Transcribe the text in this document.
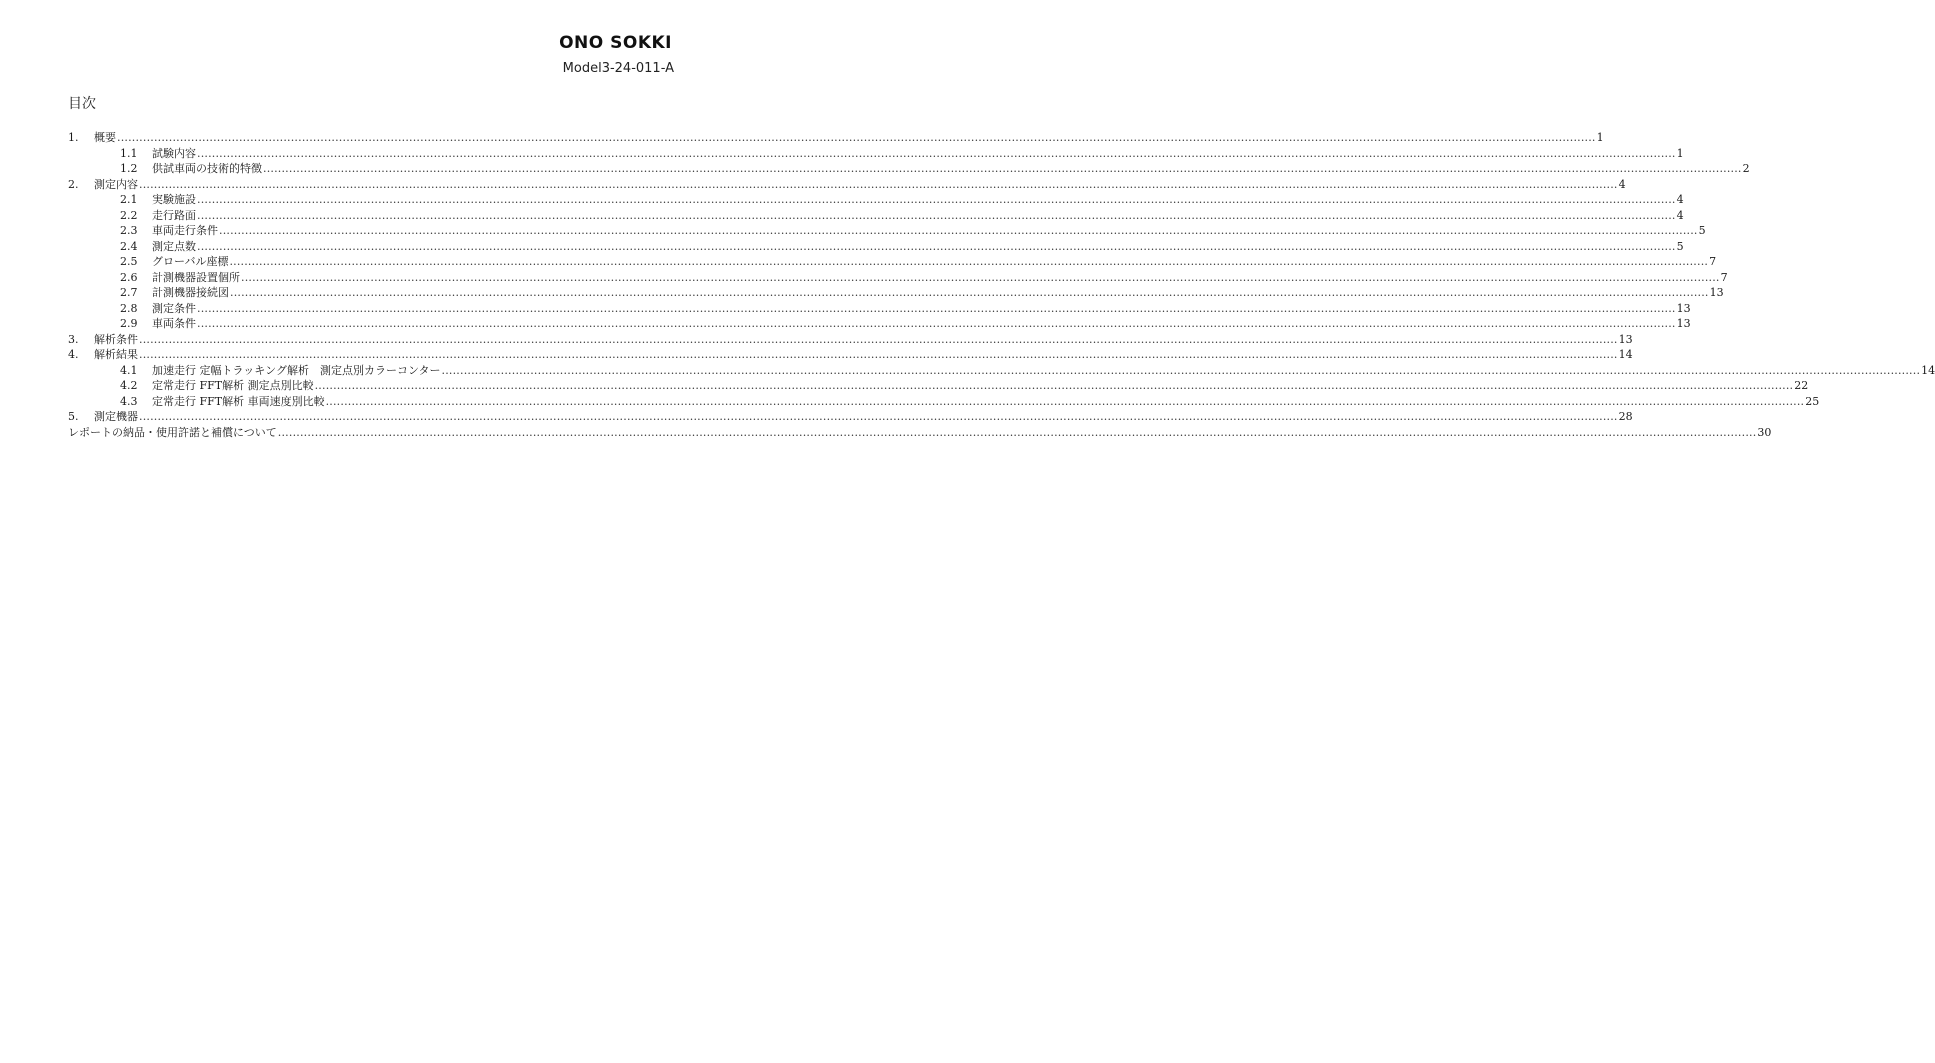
ONO SOKKI
Model3-24-011-A
目次
1.	概要 ................................................................................................................................................................................................................................................................................................................................................................................................................ 1
1.1	試験内容 ................................................................................................................................................................................................................................................................................................................................................................................................................ 1
1.2	供試車両の技術的特徴 ................................................................................................................................................................................................................................................................................................................................................................................................................ 2
2.	測定内容 ................................................................................................................................................................................................................................................................................................................................................................................................................ 4
2.1	実験施設 ................................................................................................................................................................................................................................................................................................................................................................................................................ 4
2.2	走行路面 ................................................................................................................................................................................................................................................................................................................................................................................................................ 4
2.3	車両走行条件 ................................................................................................................................................................................................................................................................................................................................................................................................................ 5
2.4	測定点数 ................................................................................................................................................................................................................................................................................................................................................................................................................ 5
2.5	グローバル座標 ................................................................................................................................................................................................................................................................................................................................................................................................................ 7
2.6	計測機器設置個所 ................................................................................................................................................................................................................................................................................................................................................................................................................ 7
2.7	計測機器接続図 ................................................................................................................................................................................................................................................................................................................................................................................................................ 13
2.8	測定条件 ................................................................................................................................................................................................................................................................................................................................................................................................................ 13
2.9	車両条件 ................................................................................................................................................................................................................................................................................................................................................................................................................ 13
3.	解析条件 ................................................................................................................................................................................................................................................................................................................................................................................................................ 13
4.	解析結果 ................................................................................................................................................................................................................................................................................................................................................................................................................ 14
4.1	加速走行 定幅トラッキング解析　測定点別カラーコンター ................................................................................................................................................................................................................................................................................................................................................................................................................ 14
4.2	定常走行 FFT解析 測定点別比較 ................................................................................................................................................................................................................................................................................................................................................................................................................ 22
4.3	定常走行 FFT解析 車両速度別比較 ................................................................................................................................................................................................................................................................................................................................................................................................................ 25
5.	測定機器 ................................................................................................................................................................................................................................................................................................................................................................................................................ 28
レポートの納品・使用許諾と補償について ................................................................................................................................................................................................................................................................................................................................................................................................................ 30
